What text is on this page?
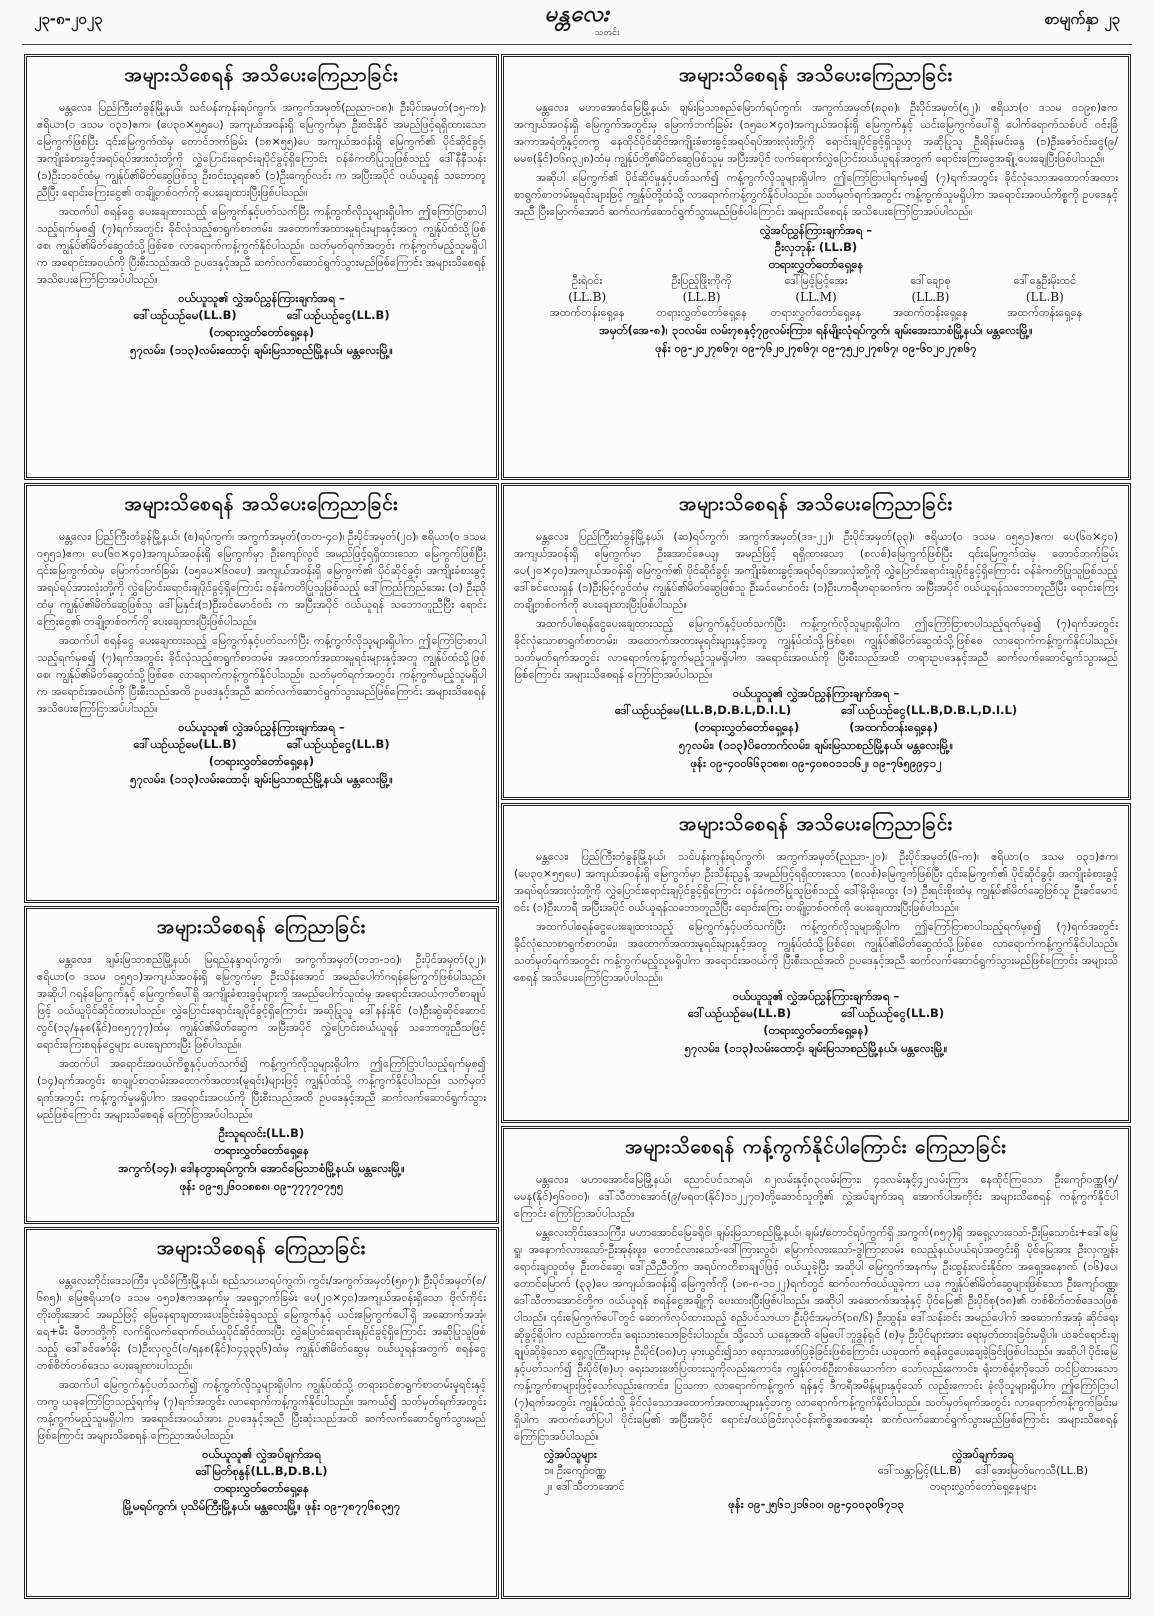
၂၃-၈-၂၀၂၃	မန္တလေး
သတင်း
စာမျက်နှာ ၂၃
အများသိစေရန် အသိပေးကြေညာခြင်း

မန္တလေး၊ ပြည်ကြီးတံခွန်မြို့နယ်၊ သင်ပန်းကုန်းရပ်ကွက်၊ အကွက်အမှတ်(ညညာ-၁၈)၊ ဦးပိုင်အမှတ်(၁၅-က)၊ ဧရိယာ(၀ ဒသမ ၀၃၁)ဧက၊ (ပေ၃၀×၅၅ပေ) အကျယ်အဝန်းရှိ မြေကွက်မှာ ဦးဝင်းနိုင် အမည်ဖြင့်ရရှိထားသော မြေကွက်ဖြစ်ပြီး ၎င်းမြေကွက်ထဲမှ တောင်ဘက်ခြမ်း (၁၈×၅၅)ပေ အကျယ်အဝန်းရှိ မြေကွက်၏ ပိုင်ဆိုင်ခွင့်၊ အကျိုးခံစားခွင့်အရပ်ရပ်အားလုံးတို့ကို လွှဲပြောင်းရောင်းချပိုင်ခွင့်ရှိကြောင်း ဝန်ခံကတိပြုသူဖြစ်သည့် ဒေါ်နီနီသန်း (၁)ဦးဘခင်ထံမှ ကျွန်ုပ်၏မိတ်ဆွေဖြစ်သူ ဦးဝင်းသူရဇော် (၁)ဦးကျော်လင်း က အပြီးအပိုင် ဝယ်ယူရန် သဘောတူညီပြီး ရောင်းကြေးငွေ၏ တချို့တစ်ဝက်ကို ပေးချေထားပြီးဖြစ်ပါသည်။

အထက်ပါ စရန်ငွေ ပေးချေထားသည့် မြေကွက်နှင့်ပတ်သက်ပြီး ကန့်ကွက်လိုသူများရှိပါက ဤကြော်ငြာစာပါသည့်ရက်မှစ၍ (၇)ရက်အတွင်း ခိုင်လုံသည့်စာရွက်စာတမ်း၊ အထောက်အထားမူရင်းများနှင့်အတူ ကျွန်ုပ်ထံသို့ဖြစ်စေ၊ ကျွန်ုပ်၏မိတ်ဆွေထံသို့ဖြစ်စေ လာရောက်ကန့်ကွက်နိုင်ပါသည်။ သတ်မှတ်ရက်အတွင်း ကန့်ကွက်မည့်သူမရှိပါက အရောင်းအဝယ်ကို ပြီးစီးသည်အထိ ဥပဒေနှင့်အညီ ဆက်လက်ဆောင်ရွက်သွားမည်ဖြစ်ကြောင်း အများသိစေရန် အသိပေးကြော်ငြာအပ်ပါသည်။

ဝယ်ယူသူ၏ လွှဲအပ်ညွှန်ကြားချက်အရ –
ဒေါ်ယဉ်ယဉ်မေ(LL.B)	ဒေါ်ယဉ်ယဉ်ငွေ(LL.B)
(တရားလွှတ်တော်ရှေ့နေ)
၅၇လမ်း၊ (၁၁၃)လမ်းထောင့်၊ ချမ်းမြသာစည်မြို့နယ်၊ မန္တလေးမြို့။
အများသိစေရန် အသိပေးကြေညာခြင်း

မန္တလေး၊ မဟာအောင်မြေမြို့နယ်၊ ချမ်းမြသာစည်မြောက်ရပ်ကွက်၊ အကွက်အမှတ်(၈၃၈)၊ ဦးပိုင်အမှတ်(၅၂)၊ ဧရိယာ(၀ ဒသမ ၀၁၉၈)ဧက အကျယ်အဝန်းရှိ မြေကွက်အတွင်းမှ မြောက်ဘက်ခြမ်း (၁၅ပေ×၄၀)အကျယ်အဝန်းရှိ မြေကွက်နှင့် ယင်းမြေကွက်ပေါ်ရှိ ပေါက်ရောက်သစ်ပင် ဝင်းခြံအကာအရံတို့နှင့်တကွ နေထိုင်ပိုင်ဆိုင်အကျိုးခံစားခွင့်အရပ်ရပ်အားလုံးတို့ကို ရောင်းချပိုင်ခွင့်ရှိသူဟု အဆိုပြုသူ ဦးရိန်းမင်းနွေ (၁)ဦးဇော်ဝင်းငွေ(၉/မမစ(နိုင်)၀၆၈၃၂၈)ထံမှ ကျွန်ုပ်တို့၏မိတ်ဆွေဖြစ်သူမှ အပြီးအပိုင် လက်ရောက်လွှဲပြောင်းဝယ်ယူရန်အတွက် ရောင်းကြေးငွေအချို့ ပေးချေပြီးဖြစ်ပါသည်။

အဆိုပါ မြေကွက်၏ ပိုင်ဆိုင်မှုနှင့်ပတ်သက်၍ ကန့်ကွက်လိုသူများရှိပါက ဤကြော်ငြာပါရက်မှစ၍ (၇)ရက်အတွင်း ခိုင်လုံသောအထောက်အထားစာရွက်စာတမ်းမူရင်းများဖြင့် ကျွန်ုပ်တို့ထံသို့ လာရောက်ကန့်ကွက်နိုင်ပါသည်။ သတ်မှတ်ရက်အတွင်း ကန့်ကွက်သူမရှိပါက အရောင်းအဝယ်ကိစ္စကို ဥပဒေနှင့်အညီ ပြီးမြောက်အောင် ဆက်လက်ဆောင်ရွက်သွားမည်ဖြစ်ပါကြောင်း အများသိစေရန် အသိပေးကြော်ငြာအပ်ပါသည်။

လွှဲအပ်ညွှန်ကြားချက်အရ –
ဦးလှဘုန်း (LL.B)
တရားလွှတ်တော်ရှေ့နေ
ဦးရဲဝင်း
(LL.B)
အထက်တန်းရှေ့နေ
ဦးပြည့်ဖြိုးကိုကို
(LL.B)
တရားလွှတ်တော်ရှေ့နေ
ဒေါ်မြင့်မြင့်အေး
(LL.M)
တရားလွှတ်တော်ရှေ့နေ
ဒေါ်ချောစု
(LL.B)
အထက်တန်းရှေ့နေ
ဒေါ်နွေဦးမိုးထင်
(LL.B)
အထက်တန်းရှေ့နေ
အမှတ်(အေ-၈)၊ ၃၁လမ်း၊ လမ်း၇၈နှင့်၇၉လမ်းကြား၊ ရန်မျိုးလုံရပ်ကွက်၊ ချမ်းအေးသာစံမြို့နယ်၊ မန္တလေးမြို့။
ဖုန်း ၀၉-၂၀၂၇၈၆၇၊ ၀၉-၇၆၂၀၂၇၈၆၇၊ ၀၉-၇၅၂၀၂၇၈၆၇၊ ၀၉-၆၀၂၀၂၇၈၆၇
အများသိစေရန် အသိပေးကြေညာခြင်း

မန္တလေး၊ ပြည်ကြီးတံခွန်မြို့နယ်၊ (စ)ရပ်ကွက်၊ အကွက်အမှတ်(တတ-၄၀)၊ ဦးပိုင်အမှတ်(၂၀)၊ ဧရိယာ(၀ ဒသမ ၀၅၅၁)ဧက၊ ပေ(၆၀×၄၀)အကျယ်အဝန်းရှိ မြေကွက်မှာ ဦးကျော်လွင် အမည်ဖြင့်ရရှိထားသော မြေကွက်ဖြစ်ပြီး ၎င်းမြေကွက်ထဲမှ မြောက်ဘက်ခြမ်း (၁၅ပေ×၆၀ပေ) အကျယ်အဝန်းရှိ မြေကွက်၏ ပိုင်ဆိုင်ခွင့်၊ အကျိုးခံစားခွင့်အရပ်ရပ်အားလုံးတို့ကို လွှဲပြောင်းရောင်းချပိုင်ခွင့်ရှိကြောင်း ဝန်ခံကတိပြုသူဖြစ်သည့် ဒေါ်ကြည်ကြည်အေး (၁) ဦးညိုထံမှ ကျွန်ုပ်၏မိတ်ဆွေဖြစ်သူ ဒေါ်မြနှင်း(၁)ဦးခင်မောင်ဝင်း က အပြီးအပိုင် ဝယ်ယူရန် သဘောတူညီပြီး ရောင်းကြေးငွေ၏ တချို့တစ်ဝက်ကို ပေးချေထားပြီးဖြစ်ပါသည်။

အထက်ပါ စရန်ငွေ ပေးချေထားသည့် မြေကွက်နှင့်ပတ်သက်ပြီး ကန့်ကွက်လိုသူများရှိပါက ဤကြော်ငြာစာပါသည့်ရက်မှစ၍ (၇)ရက်အတွင်း ခိုင်လုံသည့်စာရွက်စာတမ်း၊ အထောက်အထားမူရင်းများနှင့်အတူ ကျွန်ုပ်ထံသို့ဖြစ်စေ၊ ကျွန်ုပ်၏မိတ်ဆွေထံသို့ဖြစ်စေ လာရောက်ကန့်ကွက်နိုင်ပါသည်။ သတ်မှတ်ရက်အတွင်း ကန့်ကွက်မည့်သူမရှိပါက အရောင်းအဝယ်ကို ပြီးစီးသည်အထိ ဥပဒေနှင့်အညီ ဆက်လက်ဆောင်ရွက်သွားမည်ဖြစ်ကြောင်း အများသိစေရန် အသိပေးကြော်ငြာအပ်ပါသည်။

ဝယ်ယူသူ၏ လွှဲအပ်ညွှန်ကြားချက်အရ –
ဒေါ်ယဉ်ယဉ်မေ(LL.B)	ဒေါ်ယဉ်ယဉ်ငွေ(LL.B)
(တရားလွှတ်တော်ရှေ့နေ)
၅၇လမ်း၊ (၁၁၃)လမ်းထောင့်၊ ချမ်းမြသာစည်မြို့နယ်၊ မန္တလေးမြို့။
အများသိစေရန် အသိပေးကြေညာခြင်း

မန္တလေး၊ ပြည်ကြီးတံခွန်မြို့နယ်၊ (ဆ)ရပ်ကွက်၊ အကွက်အမှတ်(ဒဒ-၂၂)၊ ဦးပိုင်အမှတ်(၃၃)၊ ဧရိယာ(၀ ဒသမ ၀၅၅၁)ဧက၊ ပေ(၆၀×၄၀) အကျယ်အဝန်းရှိ မြေကွက်မှာ ဦးအောင်ဇေယျ၊ အမည်ဖြင့် ရရှိထားသော (စလစ်)မြေကွက်ဖြစ်ပြီး ၎င်းမြေကွက်ထဲမှ တောင်ဘက်ခြမ်း ပေ(၂၀×၄၀)အကျယ်အဝန်းရှိ မြေကွက်၏ ပိုင်ဆိုင်ခွင့်၊ အကျိုးခံစားခွင့်အရပ်ရပ်အားလုံးတို့ကို လွှဲပြောင်းရောင်းချပိုင်ခွင့်ရှိကြောင်း ဝန်ခံကတိပြုသူဖြစ်သည့် ဒေါ်ခင်လေးရှန် (၁)ဦးမြင့်လွင်ထံမှ ကျွန်ုပ်၏မိတ်ဆွေဖြစ်သူ ဦးခင်မောင်ဝင်း (၁)ဦးဟာရီဟရာဆက်က အပြီးအပိုင် ဝယ်ယူရန်သဘောတူညီပြီး ရောင်းကြေး တချို့တစ်ဝက်ကို ပေးချေထားပြီးဖြစ်ပါသည်။

အထက်ပါစရန်ငွေပေးချေထားသည့် မြေကွက်နှင့်ပတ်သက်ပြီး ကန့်ကွက်လိုသူများရှိပါက ဤကြော်ငြာစာပါသည့်ရက်မှစ၍ (၇)ရက်အတွင်း ခိုင်လုံသောစာရွက်စာတမ်း၊ အထောက်အထားမူရင်းများနှင့်အတူ ကျွန်ုပ်ထံသို့ဖြစ်စေ၊ ကျွန်ုပ်၏မိတ်ဆွေထံသို့ဖြစ်စေ လာရောက်ကန့်ကွက်နိုင်ပါသည်။ သတ်မှတ်ရက်အတွင်း လာရောက်ကန့်ကွက်မည့်သူမရှိပါက အရောင်းအဝယ်ကို ပြီးစီးသည်အထိ တရားဥပဒေနှင့်အညီ ဆက်လက်ဆောင်ရွက်သွားမည်ဖြစ်ကြောင်း အများသိစေရန် ကြော်ငြာအပ်ပါသည်။

ဝယ်ယူသူ၏ လွှဲအပ်ညွှန်ကြားချက်အရ –
ဒေါ်ယဉ်ယဉ်မေ(LL.B,D.B.L,D.I.L)	ဒေါ်ယဉ်ယဉ်ငွေ(LL.B,D.B.L,D.I.L)
(တရားလွှတ်တော်ရှေ့နေ)	(အထက်တန်းရှေ့နေ)
၅၇လမ်း၊ (၁၁၃)ပိတောက်လမ်း၊ ချမ်းမြသာစည်မြို့နယ်၊ မန္တလေးမြို့။
ဖုန်း ၀၉-၄၀၀၆၆၃၁၈၈၊ ၀၉-၄၀၈၀၁၁၁၆၂၊ ၀၉-၇၆၅၉၉၄၁၂
အများသိစေရန် ကြေညာခြင်း

မန္တလေး၊ ချမ်းမြသာစည်မြို့နယ်၊ မြရည်နန္ဒာရပ်ကွက်၊ အကွက်အမှတ်(ဘဘ-၁၀)၊ ဦးပိုင်အမှတ်(၃၂)၊ ဧရိယာ(၀ ဒသမ ၀၅၅၁)အကျယ်အဝန်းရှိ မြေကွက်မှာ ဦးသိန်းအောင် အမည်ပေါက်ဂရန်မြေကွက်ဖြစ်ပါသည်။ အဆိုပါ ဂရန်မြေကွက်နှင့် မြေကွက်ပေါ်ရှိ အကျိုးခံစားခွင့်များကို အမည်ပေါက်သူထံမှ အရောင်းအဝယ်ကတိစာချုပ်ဖြင့် ဝယ်ယူပိုင်ဆိုင်ထားပါသည်။ လွှဲပြောင်းရောင်းချပိုင်ခွင့်ရှိကြောင်း အဆိုပြုသူ ဒေါ်နန်းနိုင် (၁)ဦးဆွဲဆိုင်ဆောင်လွင်(၁၃/နနစ(နိုင်)၀၈၅၇၇၇)ထံမှ ကျွန်ုပ်၏မိတ်ဆွေက အပြီးအပိုင် လွှဲပြောင်းဝယ်ယူရန် သဘောတူညီသဖြင့် ရောင်းကြေးစရန်ငွေများ ပေးချေထားပြီး ဖြစ်ပါသည်။

အထက်ပါ အရောင်းအဝယ်ကိစ္စနှင့်ပတ်သက်၍ ကန့်ကွက်လိုသူများရှိပါက ဤကြော်ငြာပါသည့်ရက်မှစ၍ (၁၄)ရက်အတွင်း စာချုပ်စာတမ်းအထောက်အထား(မူရင်း)များဖြင့် ကျွန်ုပ်ထံသို့ ကန့်ကွက်နိုင်ပါသည်။ သတ်မှတ်ရက်အတွင်း ကန့်ကွက်မှုမရှိပါက အရောင်းအဝယ်ကို ပြီးစီးသည်အထိ ဥပဒေနှင့်အညီ ဆက်လက်ဆောင်ရွက်သွားမည်ဖြစ်ကြောင်း အများသိစေရန် ကြော်ငြာအပ်ပါသည်။

ဦးသူရလင်း(LL.B)
တရားလွှတ်တော်ရှေ့နေ
အကွက်(၁၄)၊ ဒေါနတွားရပ်ကွက်၊ အောင်မြေသာစံမြို့နယ်၊ မန္တလေးမြို့။
ဖုန်း ၀၉-၅၂၆၀၁၈၈၈၊ ၀၉-၇၇၇၇၀၇၅၅
အများသိစေရန် အသိပေးကြေညာခြင်း

မန္တလေး၊ ပြည်ကြီးတံခွန်မြို့နယ်၊ သင်ပန်းကုန်းရပ်ကွက်၊ အကွက်အမှတ်(ညညာ-၂၀)၊ ဦးပိုင်အမှတ်(၆-က)၊ ဧရိယာ(၀ ဒသမ ၀၃၁)ဧက၊ (ပေ၃၀×၅၅ပေ) အကျယ်အဝန်းရှိ မြေကွက်မှာ ဦးသိန်းညွန့် အမည်ဖြင့်ရရှိထားသော (စလစ်)မြေကွက်ဖြစ်ပြီး ၎င်းမြေကွက်၏ ပိုင်ဆိုင်ခွင့်၊ အကျိုးခံစားခွင့်အရပ်ရပ်အားလုံးတို့ကို လွှဲပြောင်းရောင်းချပိုင်ခွင့်ရှိကြောင်း ဝန်ခံကတိပြုသူဖြစ်သည့် ဒေါ်မိုးမိုးထွေး (၁) ဦးရင်းစိုးထံမှ ကျွန်ုပ်၏မိတ်ဆွေဖြစ်သူ ဦးခင်မောင်ဝင်း (၁)ဦးဟာရီ အပြီးအပိုင် ဝယ်ယူရန်သဘောတူညီပြီး ရောင်းကြေး တချို့တစ်ဝက်ကို ပေးချေထားပြီးဖြစ်ပါသည်။

အထက်ပါစရန်ငွေပေးချေထားသည့် မြေကွက်နှင့်ပတ်သက်ပြီး ကန့်ကွက်လိုသူများရှိပါက ဤကြော်ငြာစာပါသည့်ရက်မှစ၍ (၇)ရက်အတွင်း ခိုင်လုံသောစာရွက်စာတမ်း၊ အထောက်အထားမူရင်းများနှင့်အတူ ကျွန်ုပ်ထံသို့ဖြစ်စေ၊ ကျွန်ုပ်၏မိတ်ဆွေထံသို့ဖြစ်စေ လာရောက်ကန့်ကွက်နိုင်ပါသည်။ သတ်မှတ်ရက်အတွင်း ကန့်ကွက်မည့်သူမရှိပါက အရောင်းအဝယ်ကို ပြီးစီးသည်အထိ ဥပဒေနှင့်အညီ ဆက်လက်ဆောင်ရွက်သွားမည်ဖြစ်ကြောင်း အများသိစေရန် အသိပေးကြော်ငြာအပ်ပါသည်။

ဝယ်ယူသူ၏ လွှဲအပ်ညွှန်ကြားချက်အရ –
ဒေါ်ယဉ်ယဉ်မေ(LL.B)	ဒေါ်ယဉ်ယဉ်ငွေ(LL.B)
(တရားလွှတ်တော်ရှေ့နေ)
၅၇လမ်း၊ (၁၁၃)လမ်းထောင့်၊ ချမ်းမြသာစည်မြို့နယ်၊ မန္တလေးမြို့။
အများသိစေရန် ကြေညာခြင်း

မန္တလေးတိုင်းဒေသကြီး၊ ပုသိမ်ကြီးမြို့နယ်၊ စည်သာယာရပ်ကွက်၊ ကွင်း/အကွက်အမှတ်(၅၈၇)၊ ဦးပိုင်အမှတ်(စ/၆၈၅)၊ မြေဧရိယာ(၀ ဒသမ ၀၅၁)ဧကအနက်မှ အရှေ့ဘက်ခြမ်း ပေ(၂၀×၄၀)အကျယ်အဝန်းရှိသော ဗိုလ်ကိုင်း တိုးတိုးအောင် အမည်ဖြင့် မြေနေရာချထားပေးခြင်းခံခဲ့ရသည့် မြေကွက်နှင့် ယင်းမြေကွက်ပေါ်ရှိ အဆောက်အအုံ၊ ရေ+မီး မီတာတို့ကို လက်ရှိလက်ရောက်ဝယ်ယူပိုင်ဆိုင်ထားပြီး လွှဲပြောင်းရောင်းချပိုင်ခွင့်ရှိကြောင်း အဆိုပြုသူဖြစ်သည့် ဒေါ်ခင်ဇော်မိုး (၁)ဦးလှလွင်(၀/ရနစ(နိုင်)၀၄၃၃၃၆)ထံမှ ကျွန်ုပ်၏မိတ်ဆွေမှ ဝယ်ယူရန်အတွက် စရန်ငွေတစ်စိတ်တစ်ဒေသ ပေးချေထားပါသည်။

အထက်ပါ မြေကွက်နှင့်ပတ်သက်၍ ကန့်ကွက်လိုသူများရှိပါက ကျွန်ုပ်ထံသို့ တရားဝင်စာရွက်စာတမ်းမူရင်းနှင့်တကွ ယခုကြော်ငြာသည့်ရက်မှ (၇)ရက်အတွင်း လာရောက်ကန့်ကွက်နိုင်ပါသည်။ အကယ်၍ သတ်မှတ်ရက်အတွင်း ကန့်ကွက်မည့်သူမရှိပါက အရောင်းအဝယ်အား ဥပဒေနှင့်အညီ ပြီးဆုံးသည်အထိ ဆက်လက်ဆောင်ရွက်သွားမည်ဖြစ်ကြောင်း အများသိစေရန် ကြေညာအပ်ပါသည်။

ဝယ်ယူသူ၏ လွှဲအပ်ချက်အရ
ဒေါ်မြတ်စုနွန်(LL.B,D.B.L)
တရားလွှတ်တော်ရှေ့နေ
မြို့မရပ်ကွက်၊ ပုသိမ်ကြီးမြို့နယ်၊ မန္တလေးမြို့။ ဖုန်း ၀၉-၇၈၇၇၆၈၃၅၇
အများသိစေရန် ကန့်ကွက်နိုင်ပါကြောင်း ကြေညာခြင်း

မန္တလေး၊ မဟာအောင်မြေမြို့နယ်၊ ညောင်ပင်သာရပ်၊ ၈၂လမ်းနှင့်၈၃လမ်းကြား၊ ၄၁လမ်းနှင့်၄၂လမ်းကြား နေထိုင်ကြသော ဦးကျော်ဝဏ္ဏ(၅/မမန(နိုင်)၅၆၀၀၀)၊ ဒေါ်သီတာအောင်(၉/မရတ(နိုင်)၁၁၂၂၇၀)တို့ဆောင်သူတို့၏ လွှဲအပ်ချက်အရ အောက်ပါအတိုင်း အများသိစေရန် ကန့်ကွက်နိုင်ပါကြောင်း ကြော်ငြာအပ်ပါသည်။

မန္တလေးတိုင်းဒေသကြီး၊ မဟာအောင်မြေခရိုင်၊ ချမ်းမြသာစည်မြို့နယ်၊ ချမ်း/တောင်ရပ်ကွက်ရှိ အကွက်(၈၅၇)ရှိ အရှေ့လားသော်-ဦးမြသောင်း+ဒေါ်မြေရှူ၊ အနောက်လားသော်-ဦးအုန်းဖူး၊ တောင်လားသော်-ဒေါ်ကြားလွင်၊ မြောက်လားသော်-ဒွါကြားလမ်း စသည့်နယ်ပယ်ရပ်အတွင်းရှိ ပိုင်မြေအား ဦးလှကျွန်း ရောင်းချသူထံမှ ဦးတင်ဆွေ၊ ဒေါ်ညီညီတို့က အရပ်ကတိစာချုပ်ဖြင့် ဝယ်ယူခဲ့ပြီး အဆိုပါ မြေကွက်အနက်မှ ဦးထွန်းလင်းနိုင်က အရှေ့အနောက် (၁၆)ပေ၊ တောင်မြောက် (၃၃)ပေ အကျယ်အဝန်းရှိ မြေကွက်ကို (၁၈-၈-၁၁၂၂)ရက်တွင် ဆက်လက်ဝယ်ယူခဲ့ကာ ယခု ကျွန်ုပ်၏မိတ်ဆွေများဖြစ်သော ဦးကျော်ဝဏ္ဏ၊ ဒေါ်သီတာအောင်တို့က ဝယ်ယူရန် စရန်ငွေအချို့ကို ပေးထားပြီးဖြစ်ပါသည်။ အဆိုပါ အဆောက်အအုံနှင့် ပိုင်မြေ၏ ဦးပိုင်စု(၁၈)၏ တစ်စိတ်တစ်ဒေသဖြစ်ပါသည်။ ၎င်းမြေကွက်ပေါ်တွင် ဆောက်လုပ်ထားသည့် စည်ပင်သာယာ ဦးပိုင်အမှတ်(၁၈/၆) ဦးထွန်း၊ ဒေါ်သန်းဝင်း အမည်ပေါက် အဆောက်အအုံ ဆိုင်ရေးဆိုခွင့်ရှိပါက လည်းကောင်း၊ ရေးသားသောခြင်းပါသည်။ သို့သော် ယနေ့အထိ မြေပေါ်ဘူဒွန်ရှင် (စ)မှ ဦးပိုင်များအား ရေးမှတ်ထားခြင်းမရှိပါ။ ယခင်ရောင်းချ ချုပ်ဆိုခဲ့သော ရှေ့လူကြီးများမှ ဦးပိုင်(၁၈)ဟု မှားယွင်း၍သာ ရေးသားဖော်ပြခဲ့ခြင်းဖြစ်ကြောင်း ယခုထက် စရန်ငွေပေးချေခဲ့ခြင်းဖြစ်ပါသည်။ အဆိုပါ ပိုင်းမြေနှင့်ပတ်သက်၍ ဦးပိုင်(စ)ဟု ရေးသားဖော်ပြထားသူကိုလည်းကောင်း၊ ကျွန်ုပ်တစ်ဦးတစ်ယောက်က သော်လည်းကောင်း၊ ရုံးတစ်ရုံးကိုသော် တင်ပြထားသော ကန့်ကွက်စာများဖြင့်သော်လည်းကောင်း၊ ပြသကာ လာရောက်ကန့်ကွက် ရန်နှင့် ဒီကရီအမိန့်များနှင့်သော် လည်းကောင်း ခုံလိုသူများရှိပါက ဤကြော်ငြာပါ (၇)ရက်အတွင်း ကျွန်ုပ်ထံသို့ ခိုင်လုံသောအထောက်အထားများနှင့်တကွ လာရောက်ကန့်ကွက်နိုင်ပါသည်။ သတ်မှတ်ရက်အတွင်း လာရောက်ကန့်ကွက်ခြင်းမရှိပါက အထက်ဖော်ပြပါ ပိုင်းမြေ၏ အပြီးအပိုင် ရောင်း/ဝယ်ခြင်းလုပ်ငန်းကိစ္စအစအဆုံး ဆက်လက်ဆောင်ရွက်သွားမည်ဖြစ်ကြောင်း အများသိစေရန် ကြော်ငြာအပ်ပါသည်။

လွှဲအပ်သူများ
၁။ ဦးကျော်ဝဏ္ဏ
၂။ ဒေါ်သီတာအောင်
လွှဲအပ်ချက်အရ
ဒေါ်သန္တာမြင့်(LL.B) ဒေါ်အေးမြတ်ကေသီ(LL.B)
တရားလွှတ်တော်ရှေ့နေများ
ဖုန်း ၀၉-၂၅၆၁၂၁၆၁၀၊ ၀၉-၄၀၀၃၀၆၇၁၃
